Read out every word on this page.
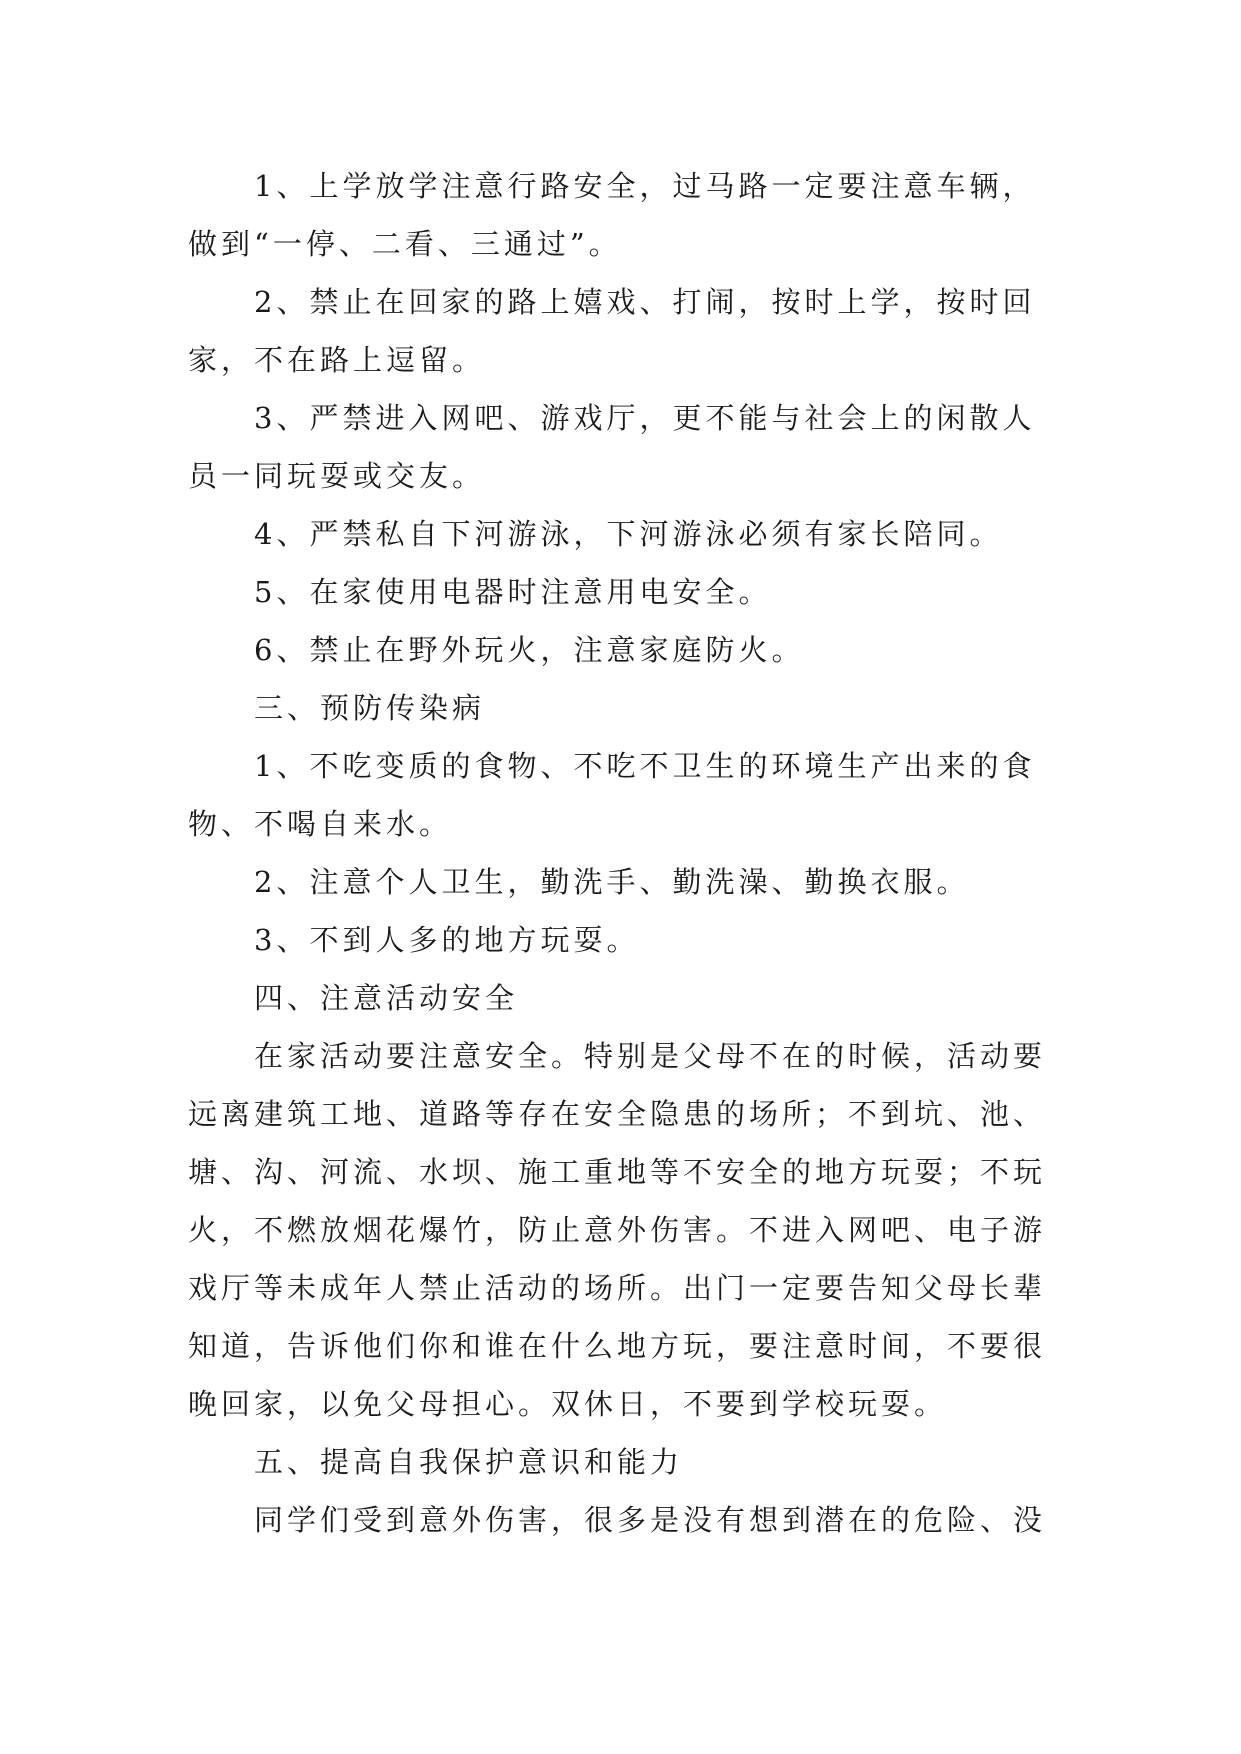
1、上学放学注意行路安全，过马路一定要注意车辆，做到“一停、二看、三通过”。

2、禁止在回家的路上嬉戏、打闹，按时上学，按时回家，不在路上逗留。

3、严禁进入网吧、游戏厅，更不能与社会上的闲散人员一同玩耍或交友。

4、严禁私自下河游泳，下河游泳必须有家长陪同。

5、在家使用电器时注意用电安全。

6、禁止在野外玩火，注意家庭防火。

三、预防传染病

1、不吃变质的食物、不吃不卫生的环境生产出来的食物、不喝自来水。

2、注意个人卫生，勤洗手、勤洗澡、勤换衣服。

3、不到人多的地方玩耍。

四、注意活动安全

在家活动要注意安全。特别是父母不在的时候，活动要远离建筑工地、道路等存在安全隐患的场所；不到坑、池、塘、沟、河流、水坝、施工重地等不安全的地方玩耍；不玩火，不燃放烟花爆竹，防止意外伤害。不进入网吧、电子游戏厅等未成年人禁止活动的场所。出门一定要告知父母长辈知道，告诉他们你和谁在什么地方玩，要注意时间，不要很晚回家，以免父母担心。双休日，不要到学校玩耍。

五、提高自我保护意识和能力

同学们受到意外伤害，很多是没有想到潜在的危险、没
